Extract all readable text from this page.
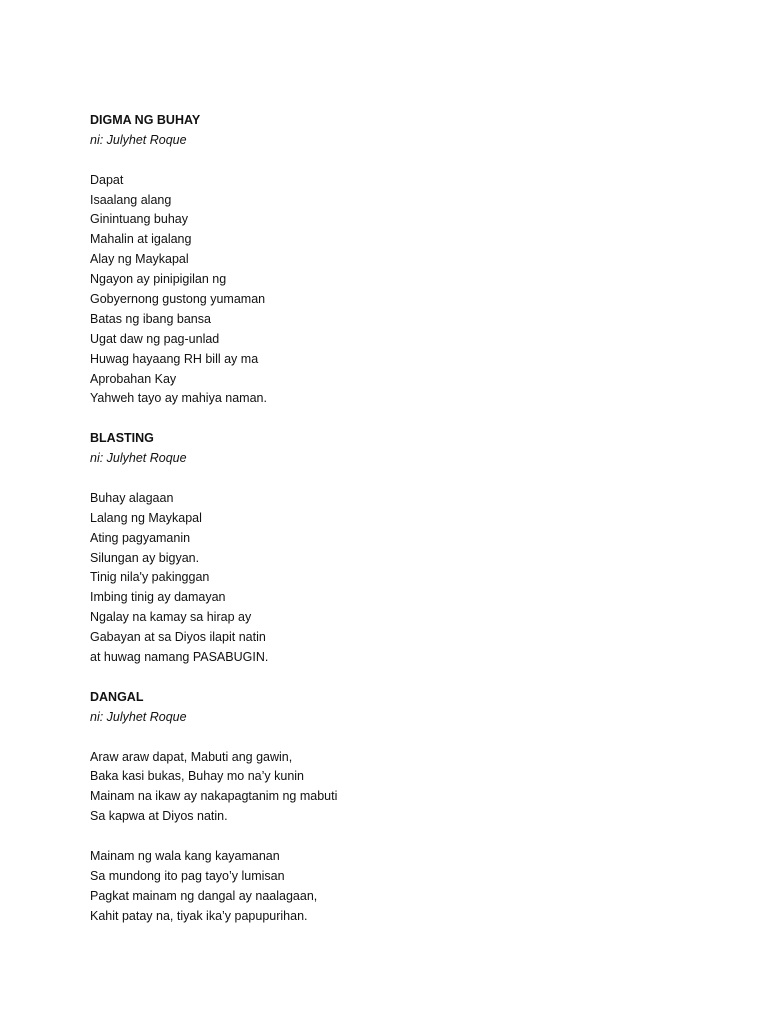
DIGMA NG BUHAY
ni: Julyhet Roque
Dapat
Isaalang alang
Ginintuang buhay
Mahalin at igalang
Alay ng Maykapal
Ngayon ay pinipigilan ng
Gobyernong gustong yumaman
Batas ng ibang bansa
Ugat daw ng pag-unlad
Huwag hayaang RH bill ay ma
Aprobahan Kay
Yahweh tayo ay mahiya naman.
BLASTING
ni: Julyhet Roque
Buhay alagaan
Lalang ng Maykapal
Ating pagyamanin
Silungan ay bigyan.
Tinig nila'y pakinggan
Imbing tinig ay damayan
Ngalay na kamay sa hirap ay
Gabayan at sa Diyos ilapit natin
at huwag namang PASABUGIN.
DANGAL
ni: Julyhet Roque
Araw araw dapat, Mabuti ang gawin,
Baka kasi bukas, Buhay mo na’y kunin
Mainam na ikaw ay nakapagtanim ng mabuti
Sa kapwa at Diyos natin.
Mainam ng wala kang kayamanan
Sa mundong ito pag tayo’y lumisan
Pagkat mainam ng dangal ay naalagaan,
Kahit patay na, tiyak ika’y papupurihan.
